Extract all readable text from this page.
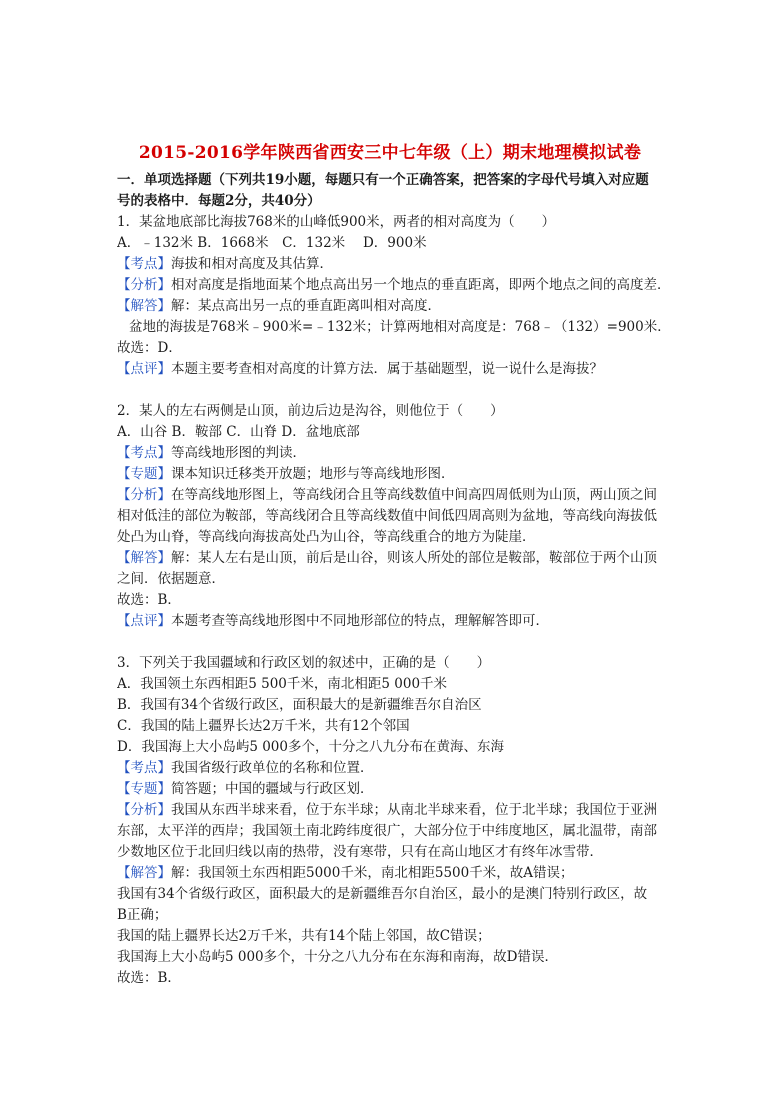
2015-2016学年陕西省西安三中七年级（上）期末地理模拟试卷
一．单项选择题（下列共19小题，每题只有一个正确答案，把答案的字母代号填入对应题
号的表格中．每题2分，共40分）
1．某盆地底部比海拔768米的山峰低900米，两者的相对高度为（　　）
A．﹣132米 B．1668米　C．132米　 D．900米
【考点】海拔和相对高度及其估算．
【分析】相对高度是指地面某个地点高出另一个地点的垂直距离，即两个地点之间的高度差．
【解答】解：某点高出另一点的垂直距离叫相对高度．
盆地的海拔是768米﹣900米=﹣132米；计算两地相对高度是：768﹣（132）=900米．
故选：D．
【点评】本题主要考查相对高度的计算方法．属于基础题型，说一说什么是海拔？
2．某人的左右两侧是山顶，前边后边是沟谷，则他位于（　　）
A．山谷 B．鞍部 C．山脊 D．盆地底部
【考点】等高线地形图的判读．
【专题】课本知识迁移类开放题；地形与等高线地形图．
【分析】在等高线地形图上，等高线闭合且等高线数值中间高四周低则为山顶，两山顶之间
相对低洼的部位为鞍部，等高线闭合且等高线数值中间低四周高则为盆地，等高线向海拔低
处凸为山脊，等高线向海拔高处凸为山谷，等高线重合的地方为陡崖．
【解答】解：某人左右是山顶，前后是山谷，则该人所处的部位是鞍部，鞍部位于两个山顶
之间．依据题意．
故选：B．
【点评】本题考查等高线地形图中不同地形部位的特点，理解解答即可．
3．下列关于我国疆域和行政区划的叙述中，正确的是（　　）
A．我国领土东西相距5 500千米，南北相距5 000千米
B．我国有34个省级行政区，面积最大的是新疆维吾尔自治区
C．我国的陆上疆界长达2万千米，共有12个邻国
D．我国海上大小岛屿5 000多个，十分之八九分布在黄海、东海
【考点】我国省级行政单位的名称和位置．
【专题】简答题；中国的疆域与行政区划．
【分析】我国从东西半球来看，位于东半球；从南北半球来看，位于北半球；我国位于亚洲
东部，太平洋的西岸；我国领土南北跨纬度很广，大部分位于中纬度地区，属北温带，南部
少数地区位于北回归线以南的热带，没有寒带，只有在高山地区才有终年冰雪带．
【解答】解：我国领土东西相距5000千米，南北相距5500千米，故A错误；
我国有34个省级行政区，面积最大的是新疆维吾尔自治区，最小的是澳门特别行政区，故
B正确；
我国的陆上疆界长达2万千米，共有14个陆上邻国，故C错误；
我国海上大小岛屿5 000多个，十分之八九分布在东海和南海，故D错误．
故选：B．
